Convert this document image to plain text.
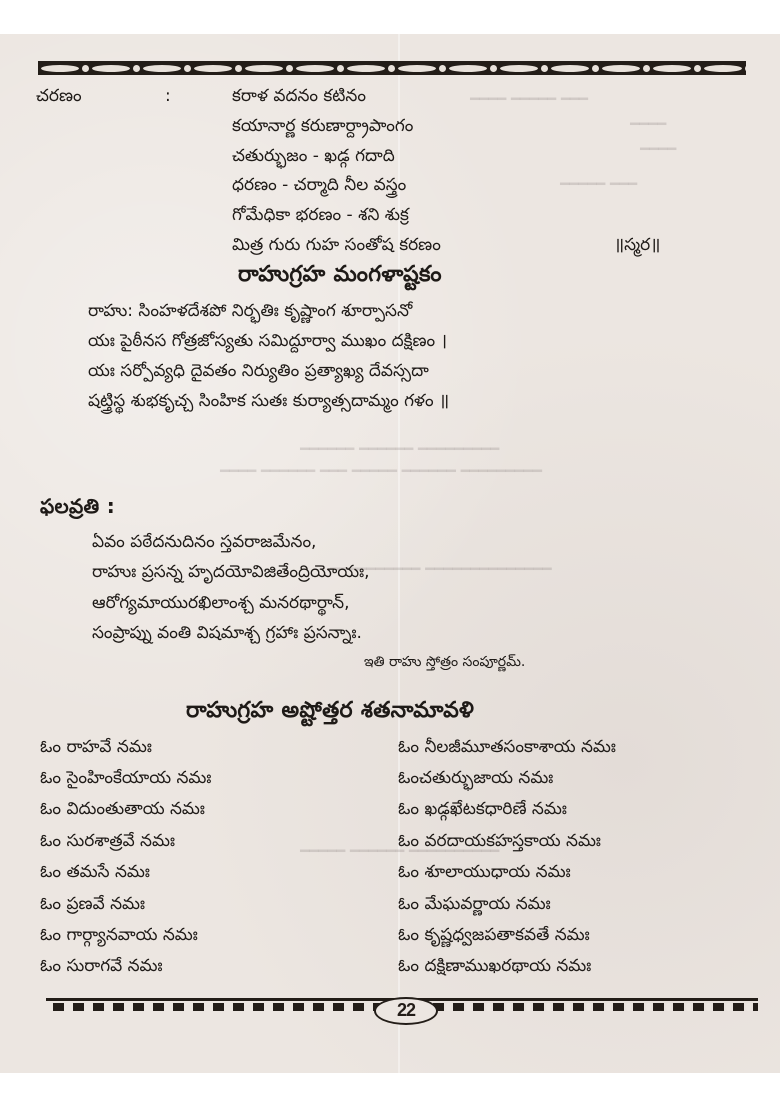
━━━━ ━━━━━ ━━━
━━━━
━━━━
━━━━━ ━━━
━━━━━━ ━━━━━━ ━━━━━━━━━
━━━━ ━━━━━━ ━━━ ━━━━━ ━━━━━━ ━━━━━━━━━
━━━━━━━━━━ ━━━━━━━━━━━━━━
━━━━━ ━━━━━━ ━━━━━━━━━━
చరణం	:	కరాళ వదనం కటినం
కయానార్ణ కరుణార్ద్రాపాంగం
చతుర్భుజం - ఖడ్గ గదాది
ధరణం - చర్మాది నీల వస్త్రం
గోమేధికా భరణం - శని శుక్ర
మిత్ర గురు గుహ సంతోష కరణం	॥స్మర॥
రాహుగ్రహ మంగళాష్టకం
రాహు: సింహళదేశపో నిర్భతిః కృష్ణాంగ శూర్పాసనో
యః పైఠీనస గోత్రజోస్యతు సమిద్దూర్వా ముఖం దక్షిణం ।
యః సర్పోవ్యధి దైవతం నిర్యుతిం ప్రత్యాఖ్య దేవస్సదా
షట్త్రిస్థ శుభకృచ్చ సింహిక సుతః కుర్యాత్సదామ్మం గళం ॥
ఫలవ్రతి :
ఏవం పఠేదనుదినం స్తవరాజమేనం,
రాహుః ప్రసన్న హృదయోవిజితేంద్రియోయః,
ఆరోగ్యమాయురఖిలాంశ్చ మనరథార్థాన్,
సంప్రాప్ను వంతి విషమాశ్చ గ్రహాః ప్రసన్నాః.
ఇతి రాహు స్తోత్రం సంపూర్ణమ్.
రాహుగ్రహ అష్టోత్తర శతనామావళి
ఓం రాహవే నమః
ఓం సైంహింకేయాయ నమః
ఓం విదుంతుతాయ నమః
ఓం సురశాత్రవే నమః
ఓం తమసే నమః
ఓం ప్రణవే నమః
ఓం గార్గ్యానవాయ నమః
ఓం సురాగవే నమః
ఓం నీలజీమూతసంకాశాయ నమః
ఓంచతుర్భుజాయ నమః
ఓం ఖడ్గఖేటకధారిణే నమః
ఓం వరదాయకహస్తకాయ నమః
ఓం శూలాయుధాయ నమః
ఓం మేఘవర్ణాయ నమః
ఓం కృష్ణధ్వజపతాకవతే నమః
ఓం దక్షిణాముఖరథాయ నమః
22
